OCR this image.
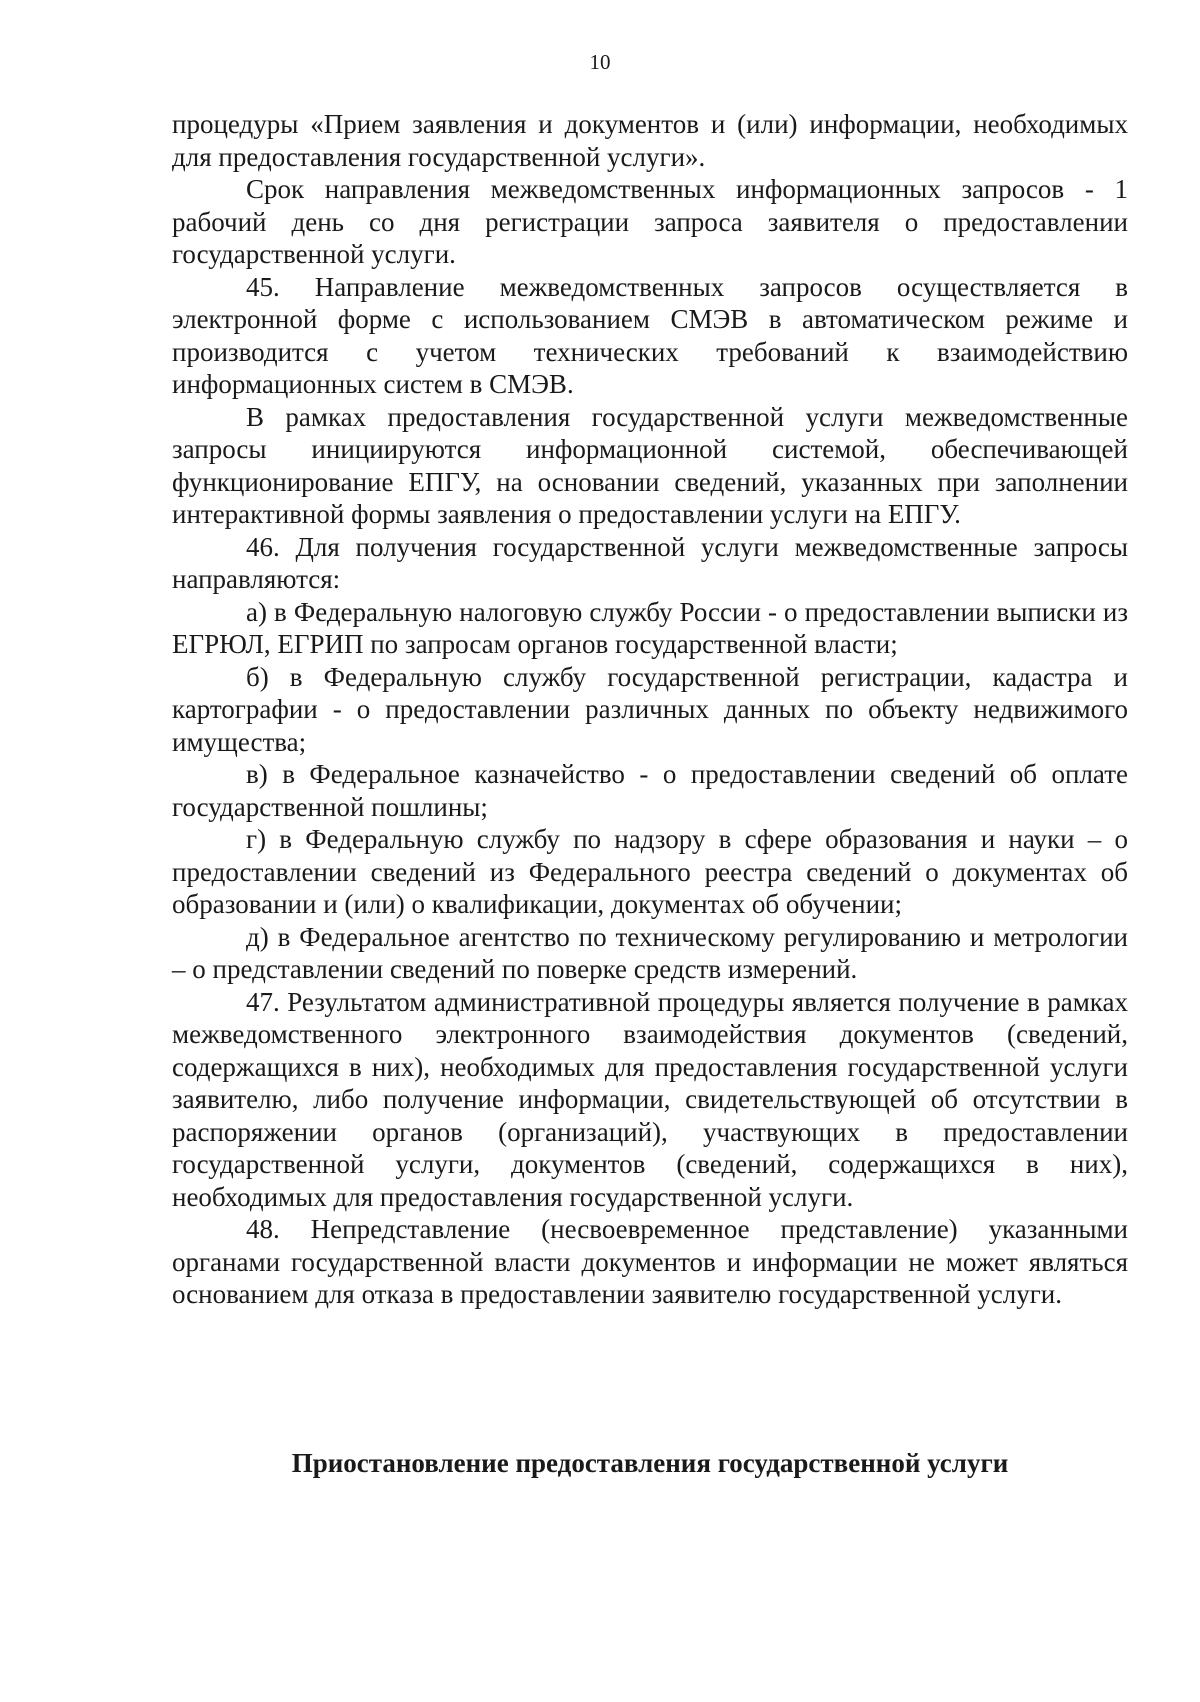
10

процедуры «Прием заявления и документов и (или) информации, необходимых для предоставления государственной услуги».

Срок направления межведомственных информационных запросов - 1 рабочий день со дня регистрации запроса заявителя о предоставлении государственной услуги.

45. Направление межведомственных запросов осуществляется в электронной форме с использованием СМЭВ в автоматическом режиме и производится с учетом технических требований к взаимодействию информационных систем в СМЭВ.

В рамках предоставления государственной услуги межведомственные запросы инициируются информационной системой, обеспечивающей функционирование ЕПГУ, на основании сведений, указанных при заполнении интерактивной формы заявления о предоставлении услуги на ЕПГУ.

46. Для получения государственной услуги межведомственные запросы направляются:

а) в Федеральную налоговую службу России - о предоставлении выписки из ЕГРЮЛ, ЕГРИП по запросам органов государственной власти;

б) в Федеральную службу государственной регистрации, кадастра и картографии - о предоставлении различных данных по объекту недвижимого имущества;

в) в Федеральное казначейство - о предоставлении сведений об оплате государственной пошлины;

г) в Федеральную службу по надзору в сфере образования и науки – о предоставлении сведений из Федерального реестра сведений о документах об образовании и (или) о квалификации, документах об обучении;

д) в Федеральное агентство по техническому регулированию и метрологии – о представлении сведений по поверке средств измерений.

47. Результатом административной процедуры является получение в рамках межведомственного электронного взаимодействия документов (сведений, содержащихся в них), необходимых для предоставления государственной услуги заявителю, либо получение информации, свидетельствующей об отсутствии в распоряжении органов (организаций), участвующих в предоставлении государственной услуги, документов (сведений, содержащихся в них), необходимых для предоставления государственной услуги.

48. Непредставление (несвоевременное представление) указанными органами государственной власти документов и информации не может являться основанием для отказа в предоставлении заявителю государственной услуги.

Приостановление предоставления государственной услуги
